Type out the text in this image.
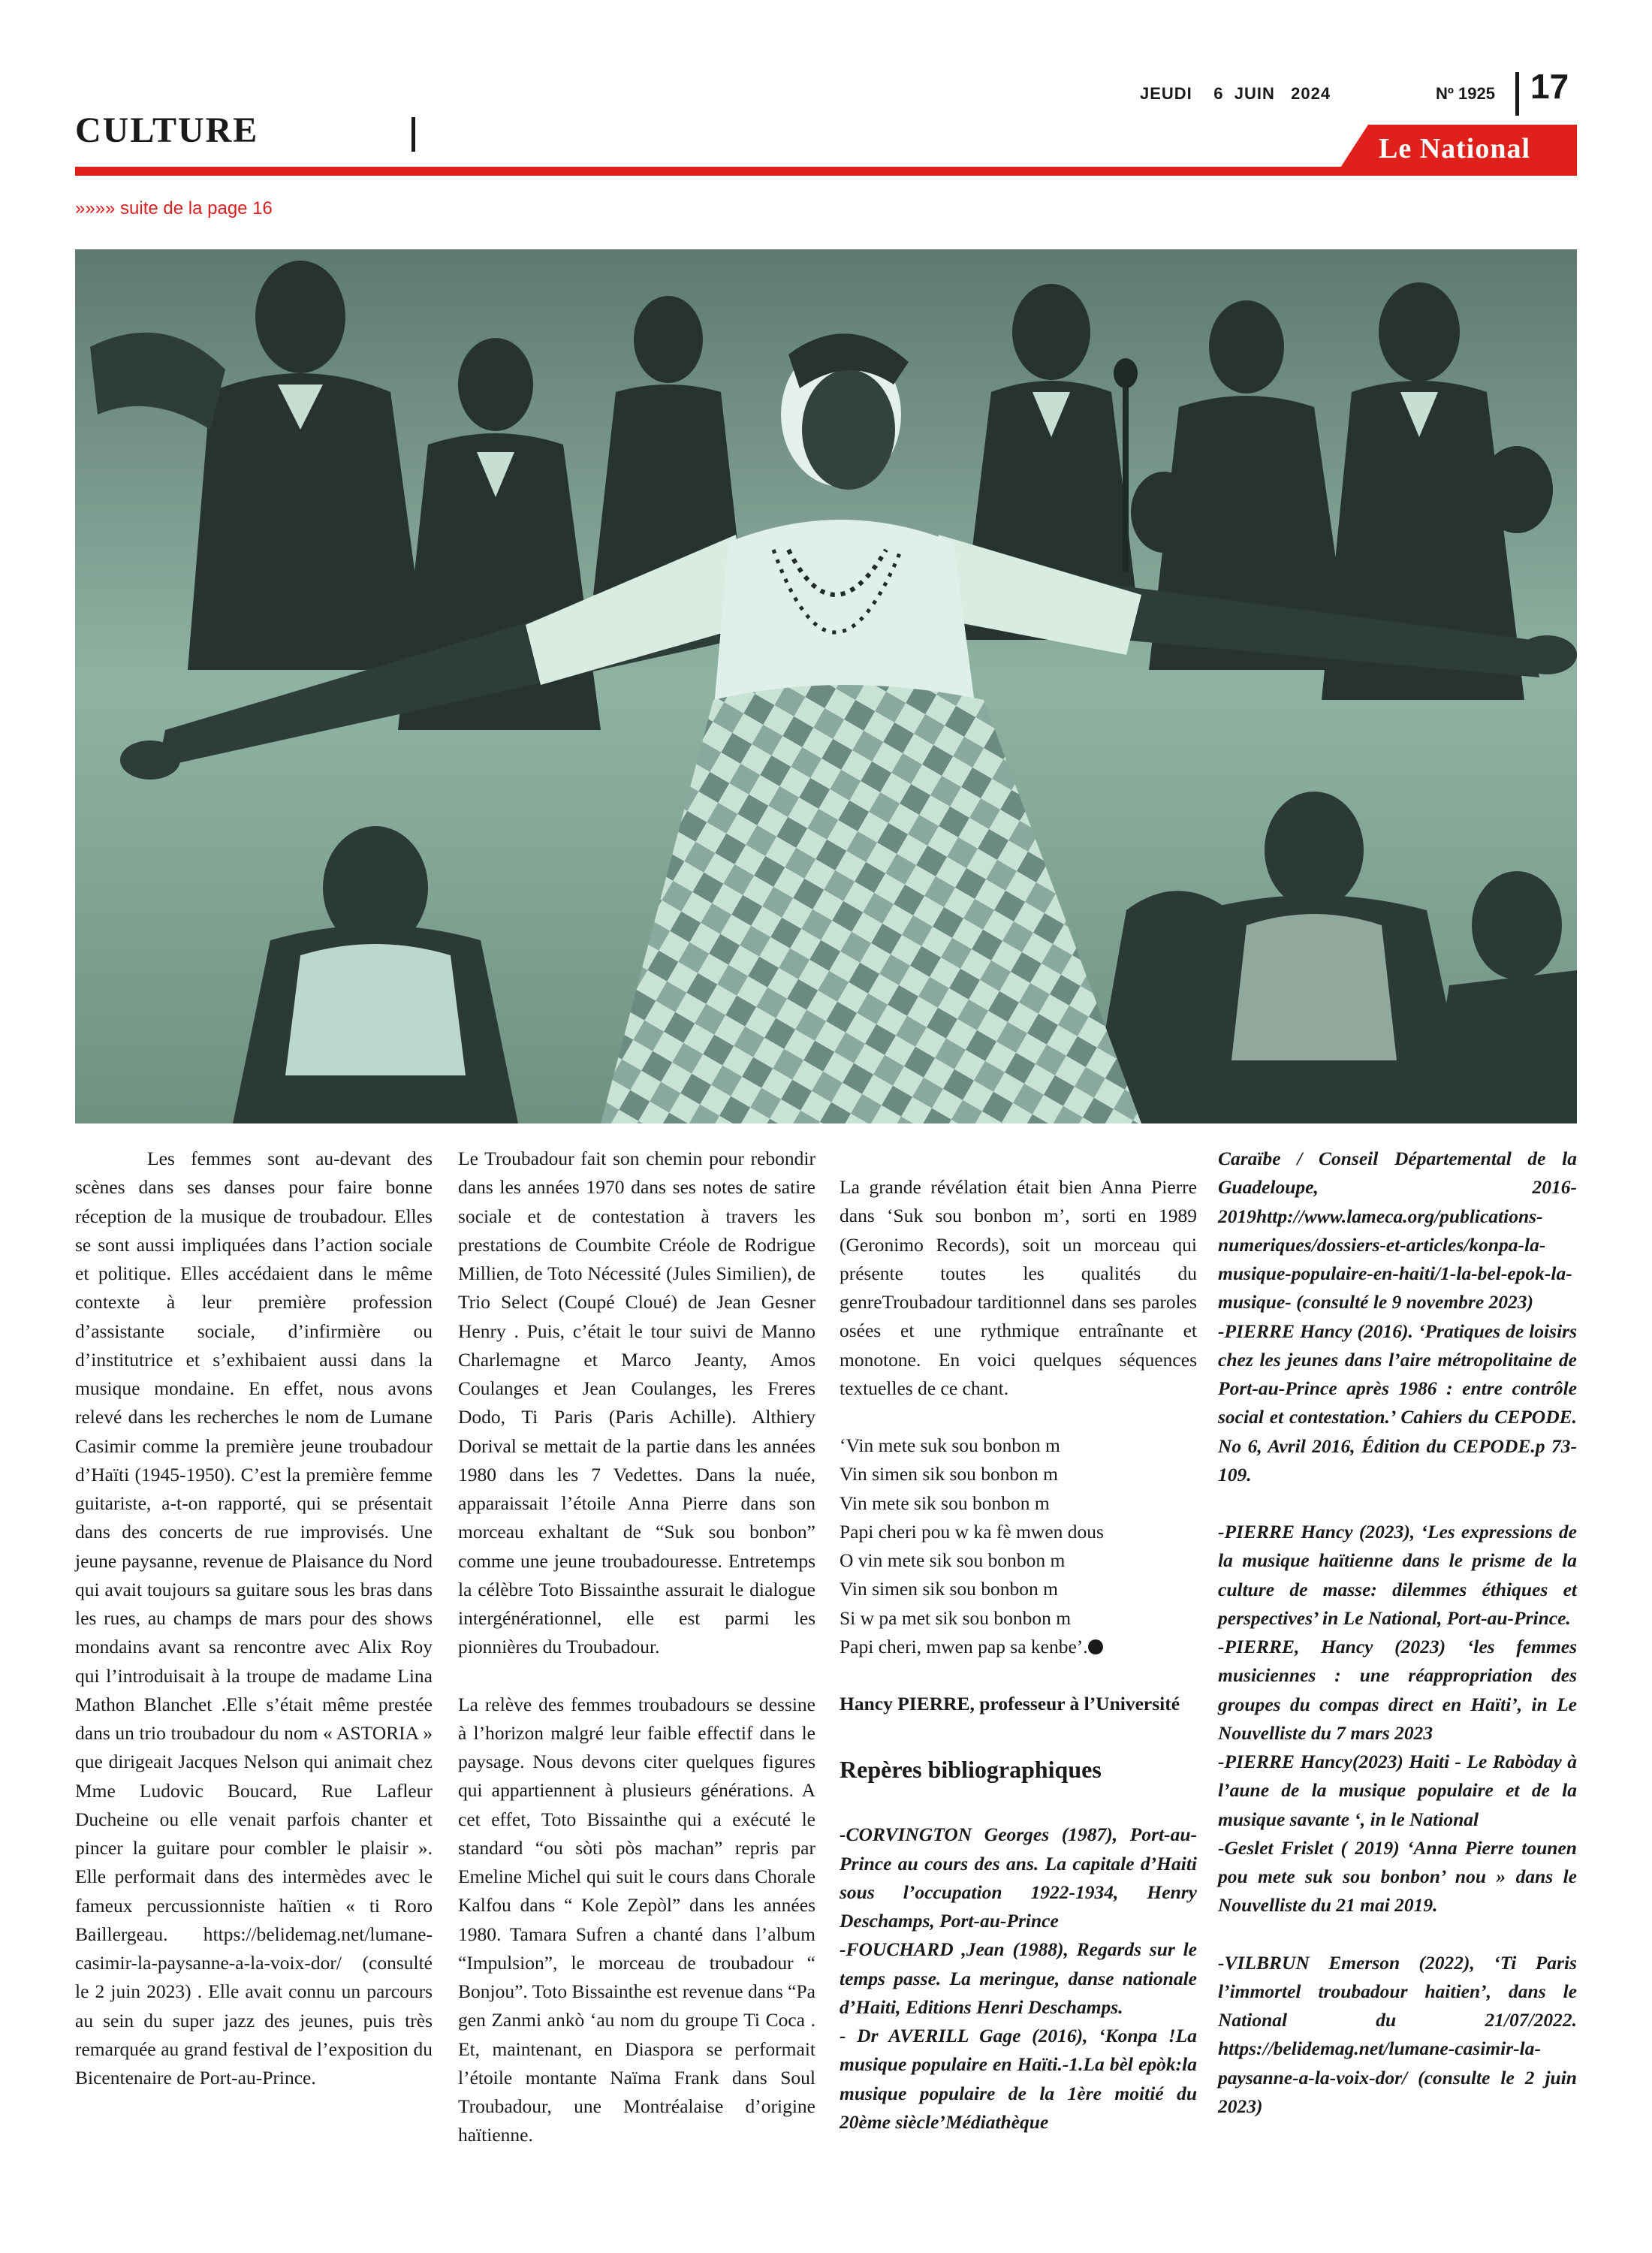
JEUDI    6  JUIN   2024	Nº 1925 17
CULTURE	Le National
»»»» suite de la page 16

Les femmes sont au-devant des scènes dans ses danses pour faire bonne réception de la musique de troubadour. Elles se sont aussi impliquées dans l’action sociale et politique. Elles accédaient dans le même contexte à leur première profession d’assistante sociale, d’infirmière ou d’institutrice et s’exhibaient aussi dans la musique mondaine. En effet, nous avons relevé dans les recherches le nom de Lumane Casimir comme la première jeune troubadour d’Haïti (1945-1950). C’est la première femme guitariste, a-t-on rapporté, qui se présentait dans des concerts de rue improvisés. Une jeune paysanne, revenue de Plaisance du Nord qui avait toujours sa guitare sous les bras dans les rues, au champs de mars pour des shows mondains avant sa rencontre avec Alix Roy qui l’introduisait à la troupe de madame Lina Mathon Blanchet .Elle s’était même prestée dans un trio troubadour du nom « ASTORIA » que dirigeait Jacques Nelson qui animait chez Mme Ludovic Boucard, Rue Lafleur Ducheine ou elle venait parfois chanter et pincer la guitare pour combler le plaisir ». Elle performait dans des intermèdes avec le fameux percussionniste haïtien « ti Roro Baillergeau. https://belidemag.net/lumane-casimir-la-paysanne-a-la-voix-dor/ (consulté le 2 juin 2023) . Elle avait connu un parcours au sein du super jazz des jeunes, puis très remarquée au grand festival de l’exposition du Bicentenaire de Port-au-Prince.

Le Troubadour fait son chemin pour rebondir dans les années 1970 dans ses notes de satire sociale et de contestation à travers les prestations de Coumbite Créole de Rodrigue Millien, de Toto Nécessité (Jules Similien), de Trio Select (Coupé Cloué) de Jean Gesner Henry . Puis, c’était le tour suivi de Manno Charlemagne et Marco Jeanty, Amos Coulanges et Jean Coulanges, les Freres Dodo, Ti Paris (Paris Achille). Althiery Dorival se mettait de la partie dans les années 1980 dans les 7 Vedettes. Dans la nuée, apparaissait l’étoile Anna Pierre dans son morceau exhaltant de “Suk sou bonbon” comme une jeune troubadouresse. Entretemps la célèbre Toto Bissainthe assurait le dialogue intergénérationnel, elle est parmi les pionnières du Troubadour.

La relève des femmes troubadours se dessine à l’horizon malgré leur faible effectif dans le paysage. Nous devons citer quelques figures qui appartiennent à plusieurs générations. A cet effet, Toto Bissainthe qui a exécuté le standard “ou sòti pòs machan” repris par Emeline Michel qui suit le cours dans Chorale Kalfou dans “ Kole Zepòl” dans les années 1980. Tamara Sufren a chanté dans l’album “Impulsion”, le morceau de troubadour “ Bonjou”. Toto Bissainthe est revenue dans “Pa gen Zanmi ankò ‘au nom du groupe Ti Coca . Et, maintenant, en Diaspora se performait l’étoile montante Naïma Frank dans Soul Troubadour, une Montréalaise d’origine haïtienne.

La grande révélation était bien Anna Pierre dans ‘Suk sou bonbon m’, sorti en 1989 (Geronimo Records), soit un morceau qui présente toutes les qualités du genreTroubadour tarditionnel dans ses paroles osées et une rythmique entraînante et monotone. En voici quelques séquences textuelles de ce chant.

‘Vin mete suk sou bonbon m
Vin simen sik sou bonbon m
Vin mete sik sou bonbon m
Papi cheri pou w ka fè mwen dous
O vin mete sik sou bonbon m
Vin simen sik sou bonbon m
Si w pa met sik sou bonbon m
Papi cheri, mwen pap sa kenbe’.

Hancy PIERRE, professeur à l’Université

Repères bibliographiques

-CORVINGTON Georges (1987), Port-au-Prince au cours des ans. La capitale d’Haiti sous l’occupation 1922-1934, Henry Deschamps, Port-au-Prince

-FOUCHARD ,Jean (1988), Regards sur le temps passe. La meringue, danse nationale d’Haiti, Editions Henri Deschamps.

- Dr AVERILL Gage (2016), ‘Konpa !La musique populaire en Haïti.-1.La bèl epòk:la musique populaire de la 1ère moitié du 20ème siècle’Médiathèque

Caraïbe / Conseil Départemental de la Guadeloupe, 2016-2019http://www.lameca.org/publications-numeriques/dossiers-et-articles/konpa-la-musique-populaire-en-haiti/1-la-bel-epok-la-musique- (consulté le 9 novembre 2023)

-PIERRE Hancy (2016). ‘Pratiques de loisirs chez les jeunes dans l’aire métropolitaine de Port-au-Prince après 1986 : entre contrôle social et contestation.’ Cahiers du CEPODE. No 6, Avril 2016, Édition du CEPODE.p 73-109.

-PIERRE Hancy (2023), ‘Les expressions de la musique haïtienne dans le prisme de la culture de masse: dilemmes éthiques et perspectives’ in Le National, Port-au-Prince.

-PIERRE, Hancy (2023) ‘les femmes musiciennes : une réappropriation des groupes du compas direct en Haïti’, in Le Nouvelliste du 7 mars 2023

-PIERRE Hancy(2023) Haiti - Le Rabòday à l’aune de la musique populaire et de la musique savante ‘, in le National

-Geslet Frislet ( 2019) ‘Anna Pierre tounen pou mete suk sou bonbon’ nou » dans le Nouvelliste du 21 mai 2019.

-VILBRUN Emerson (2022), ‘Ti Paris l’immortel troubadour haitien’, dans le National du 21/07/2022. https://belidemag.net/lumane-casimir-la-paysanne-a-la-voix-dor/ (consulte le 2 juin 2023)
